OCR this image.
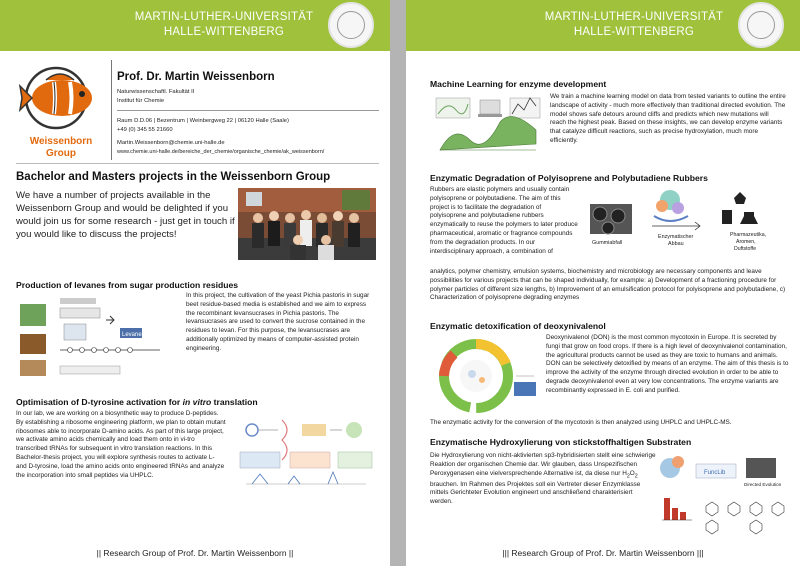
MARTIN-LUTHER-UNIVERSITÄT
HALLE-WITTENBERG
Weissenborn
Group
Prof. Dr. Martin Weissenborn
Naturwissenschaftl. Fakultät II
Institut für Chemie
Raum D.D.06 | Bezentrum | Weinbergweg 22 | 06120 Halle (Saale)
+49 (0) 345 55 21660
Martin.Weissenborn@chemie.uni-halle.de
www.chemie.uni-halle.de/bereiche_der_chemie/organische_chemie/ak_weissenborn/
Bachelor and Masters projects in the Weissenborn Group

We have a number of projects available in the Weissenborn Group and would be delighted if you would join us for some research - just get in touch if you would like to discuss the projects!

Production of levanes from sugar production residues
Levane

In this project, the cultivation of the yeast Pichia pastoris in sugar beet residue-based media is established and we aim to express the recombinant levansucrases in Pichia pastoris. The levansucrases are used to convert the sucrose contained in the residues to levan. For this purpose, the levansucrases are additionally optimized by means of computer-assisted protein engineering.

Optimisation of D-tyrosine activation for in vitro translation

In our lab, we are working on a biosynthetic way to produce D-peptides. By establishing a ribosome engineering platform, we plan to obtain mutant ribosomes able to incorporate D-amino acids. As part of this large project, we activate amino acids chemically and load them onto in vi-tro transcribed tRNAs for subsequent in vitro translation reactions. In this Bachelor-thesis project, you will explore synthesis routes to activate L- and D-tyrosine, load the amino acids onto engineered tRNAs and analyze the incorporation into small peptides via UHPLC.

|| Research Group of Prof. Dr. Martin Weissenborn ||
MARTIN-LUTHER-UNIVERSITÄT
HALLE-WITTENBERG
Machine Learning for enzyme development

We train a machine learning model on data from tested variants to outline the entire landscape of activity - much more effectively than traditional directed evolution. The model shows safe detours around cliffs and predicts which new mutations will reach the highest peak. Based on these insights, we can develop enzyme variants that catalyze difficult reactions, such as precise hydroxylation, much more efficiently.

Enzymatic Degradation of Polyisoprene and Polybutadiene Rubbers

Rubbers are elastic polymers and usually contain polyisoprene or polybutadiene. The aim of this project is to facilitate the degradation of polyisoprene and polybutadiene rubbers enzymatically to reuse the polymers to later produce pharmaceutical, aromatic or fragrance compounds from the degradation products. In our interdisciplinary approach, a combination of

Gummiabfall
Enzymatischer
Abbau
Pharmazeutika,
Aromen,
Duftstoffe

analytics, polymer chemistry, emulsion systems, biochemistry and microbiology are necessary components and leave possibilities for various projects that can be shaped individually, for example: a) Development of a fractioning procedure for polymer particles of different size lengths, b) Improvement of an emulsification protocol for polyisoprene and polybutadiene, c) Characterization of polyisoprene degrading enzymes

Enzymatic detoxification of deoxynivalenol

Deoxynivalenol (DON) is the most common mycotoxin in Europe. It is secreted by fungi that grow on food crops. If there is a high level of deoxynivalenol contamination, the agricultural products cannot be used as they are toxic to humans and animals. DON can be selectively detoxified by means of an enzyme. The aim of this thesis is to improve the activity of the enzyme through directed evolution in order to be able to degrade deoxynivalenol even at very low concentrations. The enzyme variants are recombinantly expressed in E. coli and purified.

The enzymatic activity for the conversion of the mycotoxin is then analyzed using UHPLC and UHPLC-MS.

Enzymatische Hydroxylierung von stickstoffhaltigen Substraten

Die Hydroxylierung von nicht-aktivierten sp3-hybridisierten stellt eine schwierige Reaktion der organischen Chemie dar. Wir glauben, dass Unspezifischen Peroxygenasen eine vielversprechende Alternative ist, da diese nur $H_2O_2$ brauchen. Im Rahmen des Projektes soll ein Vertreter dieser Enzymklasse mittels Gerichteter Evolution engineert und anschließend charakterisiert werden.

FuncLib
Directed Evolution
||| Research Group of Prof. Dr. Martin Weissenborn |||
